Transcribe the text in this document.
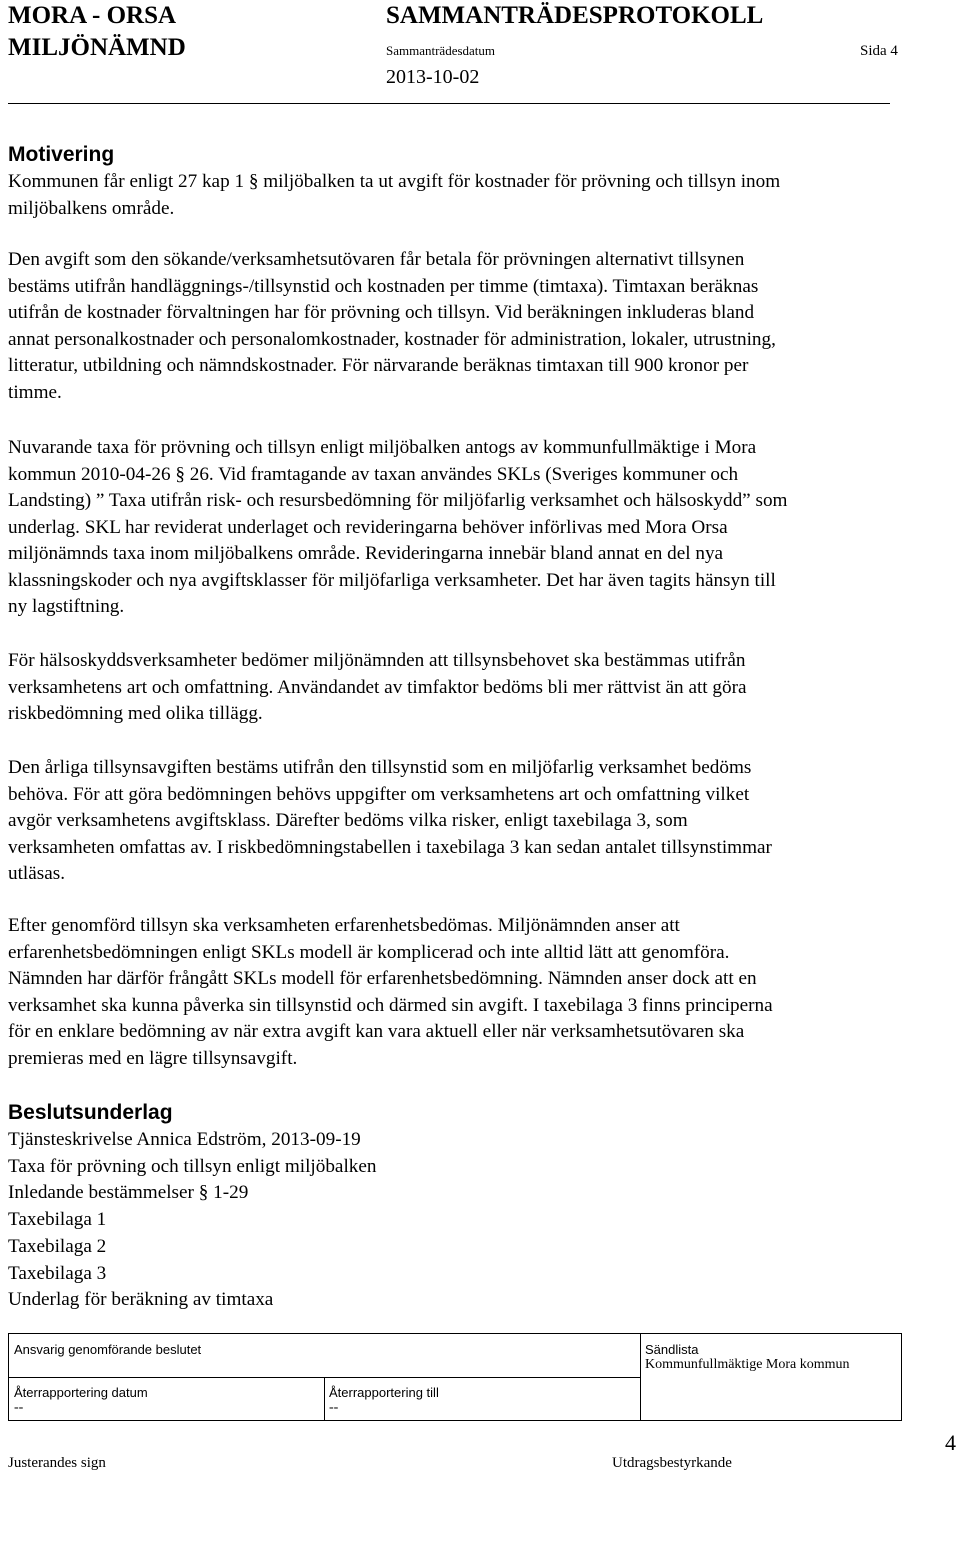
MORA - ORSA
MILJÖNÄMND
SAMMANTRÄDESPROTOKOLL
Sammanträdesdatum	Sida 4
2013-10-02
Motivering
Kommunen får enligt 27 kap 1 § miljöbalken ta ut avgift för kostnader för prövning och tillsyn inom
miljöbalkens område.
Den avgift som den sökande/verksamhetsutövaren får betala för prövningen alternativt tillsynen
bestäms utifrån handläggnings-/tillsynstid och kostnaden per timme (timtaxa). Timtaxan beräknas
utifrån de kostnader förvaltningen har för prövning och tillsyn. Vid beräkningen inkluderas bland
annat personalkostnader och personalomkostnader, kostnader för administration, lokaler, utrustning,
litteratur, utbildning och nämndskostnader. För närvarande beräknas timtaxan till 900 kronor per
timme.
Nuvarande taxa för prövning och tillsyn enligt miljöbalken antogs av kommunfullmäktige i Mora
kommun 2010-04-26 § 26. Vid framtagande av taxan användes SKLs (Sveriges kommuner och
Landsting) ” Taxa utifrån risk- och resursbedömning för miljöfarlig verksamhet och hälsoskydd” som
underlag. SKL har reviderat underlaget och revideringarna behöver införlivas med Mora Orsa
miljönämnds taxa inom miljöbalkens område. Revideringarna innebär bland annat en del nya
klassningskoder och nya avgiftsklasser för miljöfarliga verksamheter. Det har även tagits hänsyn till
ny lagstiftning.
För hälsoskyddsverksamheter bedömer miljönämnden att tillsynsbehovet ska bestämmas utifrån
verksamhetens art och omfattning. Användandet av timfaktor bedöms bli mer rättvist än att göra
riskbedömning med olika tillägg.
Den årliga tillsynsavgiften bestäms utifrån den tillsynstid som en miljöfarlig verksamhet bedöms
behöva. För att göra bedömningen behövs uppgifter om verksamhetens art och omfattning vilket
avgör verksamhetens avgiftsklass. Därefter bedöms vilka risker, enligt taxebilaga 3, som
verksamheten omfattas av. I riskbedömningstabellen i taxebilaga 3 kan sedan antalet tillsynstimmar
utläsas.
Efter genomförd tillsyn ska verksamheten erfarenhetsbedömas. Miljönämnden anser att
erfarenhetsbedömningen enligt SKLs modell är komplicerad och inte alltid lätt att genomföra.
Nämnden har därför frångått SKLs modell för erfarenhetsbedömning. Nämnden anser dock att en
verksamhet ska kunna påverka sin tillsynstid och därmed sin avgift. I taxebilaga 3 finns principerna
för en enklare bedömning av när extra avgift kan vara aktuell eller när verksamhetsutövaren ska
premieras med en lägre tillsynsavgift.
Beslutsunderlag
Tjänsteskrivelse Annica Edström, 2013-09-19
Taxa för prövning och tillsyn enligt miljöbalken
Inledande bestämmelser § 1-29
Taxebilaga 1
Taxebilaga 2
Taxebilaga 3
Underlag för beräkning av timtaxa
Ansvarig genomförande beslutet	Sändlista
Kommunfullmäktige Mora kommun
Återrapportering datum
--
Återrapportering till
--
Justerandes sign	Utdragsbestyrkande
4
